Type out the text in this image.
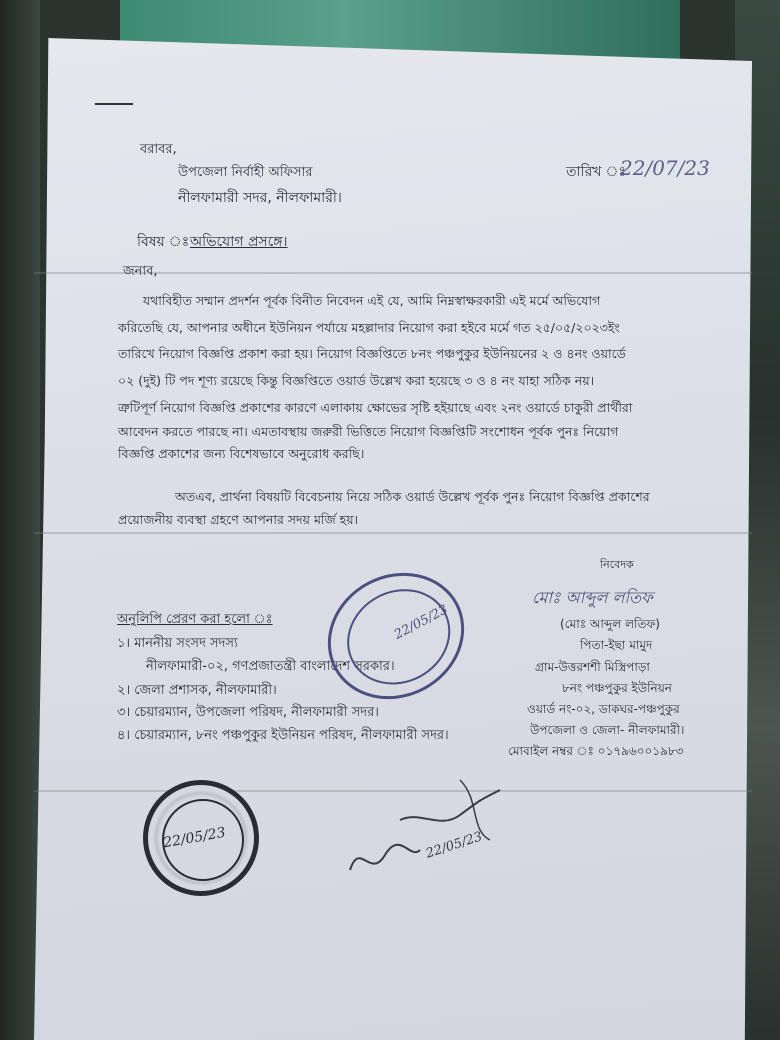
বরাবর,
উপজেলা নির্বাহী অফিসার
নীলফামারী সদর, নীলফামারী।
তারিখ ঃ
22/07/23
বিষয় ঃ অভিযোগ প্রসঙ্গে।
জনাব,
যথাবিহীত সম্মান প্রদর্শন পূর্বক বিনীত নিবেদন এই যে, আমি নিম্নস্বাক্ষরকারী এই মর্মে অভিযোগ
করিতেছি যে, আপনার অধীনে ইউনিয়ন পর্যায়ে মহল্লাদার নিয়োগ করা হইবে মর্মে গত ২৫/০৫/২০২৩ইং
তারিখে নিয়োগ বিজ্ঞপ্তি প্রকাশ করা হয়। নিয়োগ বিজ্ঞপ্তিতে ৮নং পঞ্চপুকুর ইউনিয়নের ২ ও ৪নং ওয়ার্ডে
০২ (দুই) টি পদ শূণ্য রয়েছে কিন্তু বিজ্ঞপ্তিতে ওয়ার্ড উল্লেখ করা হয়েছে ৩ ও ৪ নং যাহা সঠিক নয়।
ত্রুটিপূর্ণ নিয়োগ বিজ্ঞপ্তি প্রকাশের কারণে এলাকায় ক্ষোভের সৃষ্টি হইয়াছে এবং ২নং ওয়ার্ডে চাকুরী প্রার্থীরা
আবেদন করতে পারছে না। এমতাবস্থায় জরুরী ভিত্তিতে নিয়োগ বিজ্ঞপ্তিটি সংশোধন পূর্বক পুনঃ নিয়োগ
বিজ্ঞপ্তি প্রকাশের জন্য বিশেষভাবে অনুরোধ করছি।
অতএব, প্রার্থনা বিষয়টি বিবেচনায় নিয়ে সঠিক ওয়ার্ড উল্লেখ পূর্বক পুনঃ নিয়োগ বিজ্ঞপ্তি প্রকাশের
প্রয়োজনীয় ব্যবস্থা গ্রহণে আপনার সদয় মর্জি হয়।
নিবেদক
মোঃ আব্দুল লতিফ
(মোঃ আব্দুল লতিফ)
পিতা-ইছা মামুদ
গ্রাম-উত্তরশশী মিস্ত্রিপাড়া
৮নং পঞ্চপুকুর ইউনিয়ন
ওয়ার্ড নং-০২, ডাকঘর-পঞ্চপুকুর
উপজেলা ও জেলা- নীলফামারী।
মোবাইল নম্বর ঃ ০১৭৯৬০০১৯৮৩
অনুলিপি প্রেরণ করা হলো ঃ
১। মাননীয় সংসদ সদস্য
নীলফামারী-০২, গণপ্রজাতন্ত্রী বাংলাদেশ সরকার।
২। জেলা প্রশাসক, নীলফামারী।
৩। চেয়ারম্যান, উপজেলা পরিষদ, নীলফামারী সদর।
৪। চেয়ারম্যান, ৮নং পঞ্চপুকুর ইউনিয়ন পরিষদ, নীলফামারী সদর।
22/05/23
22/05/23	22/05/23
